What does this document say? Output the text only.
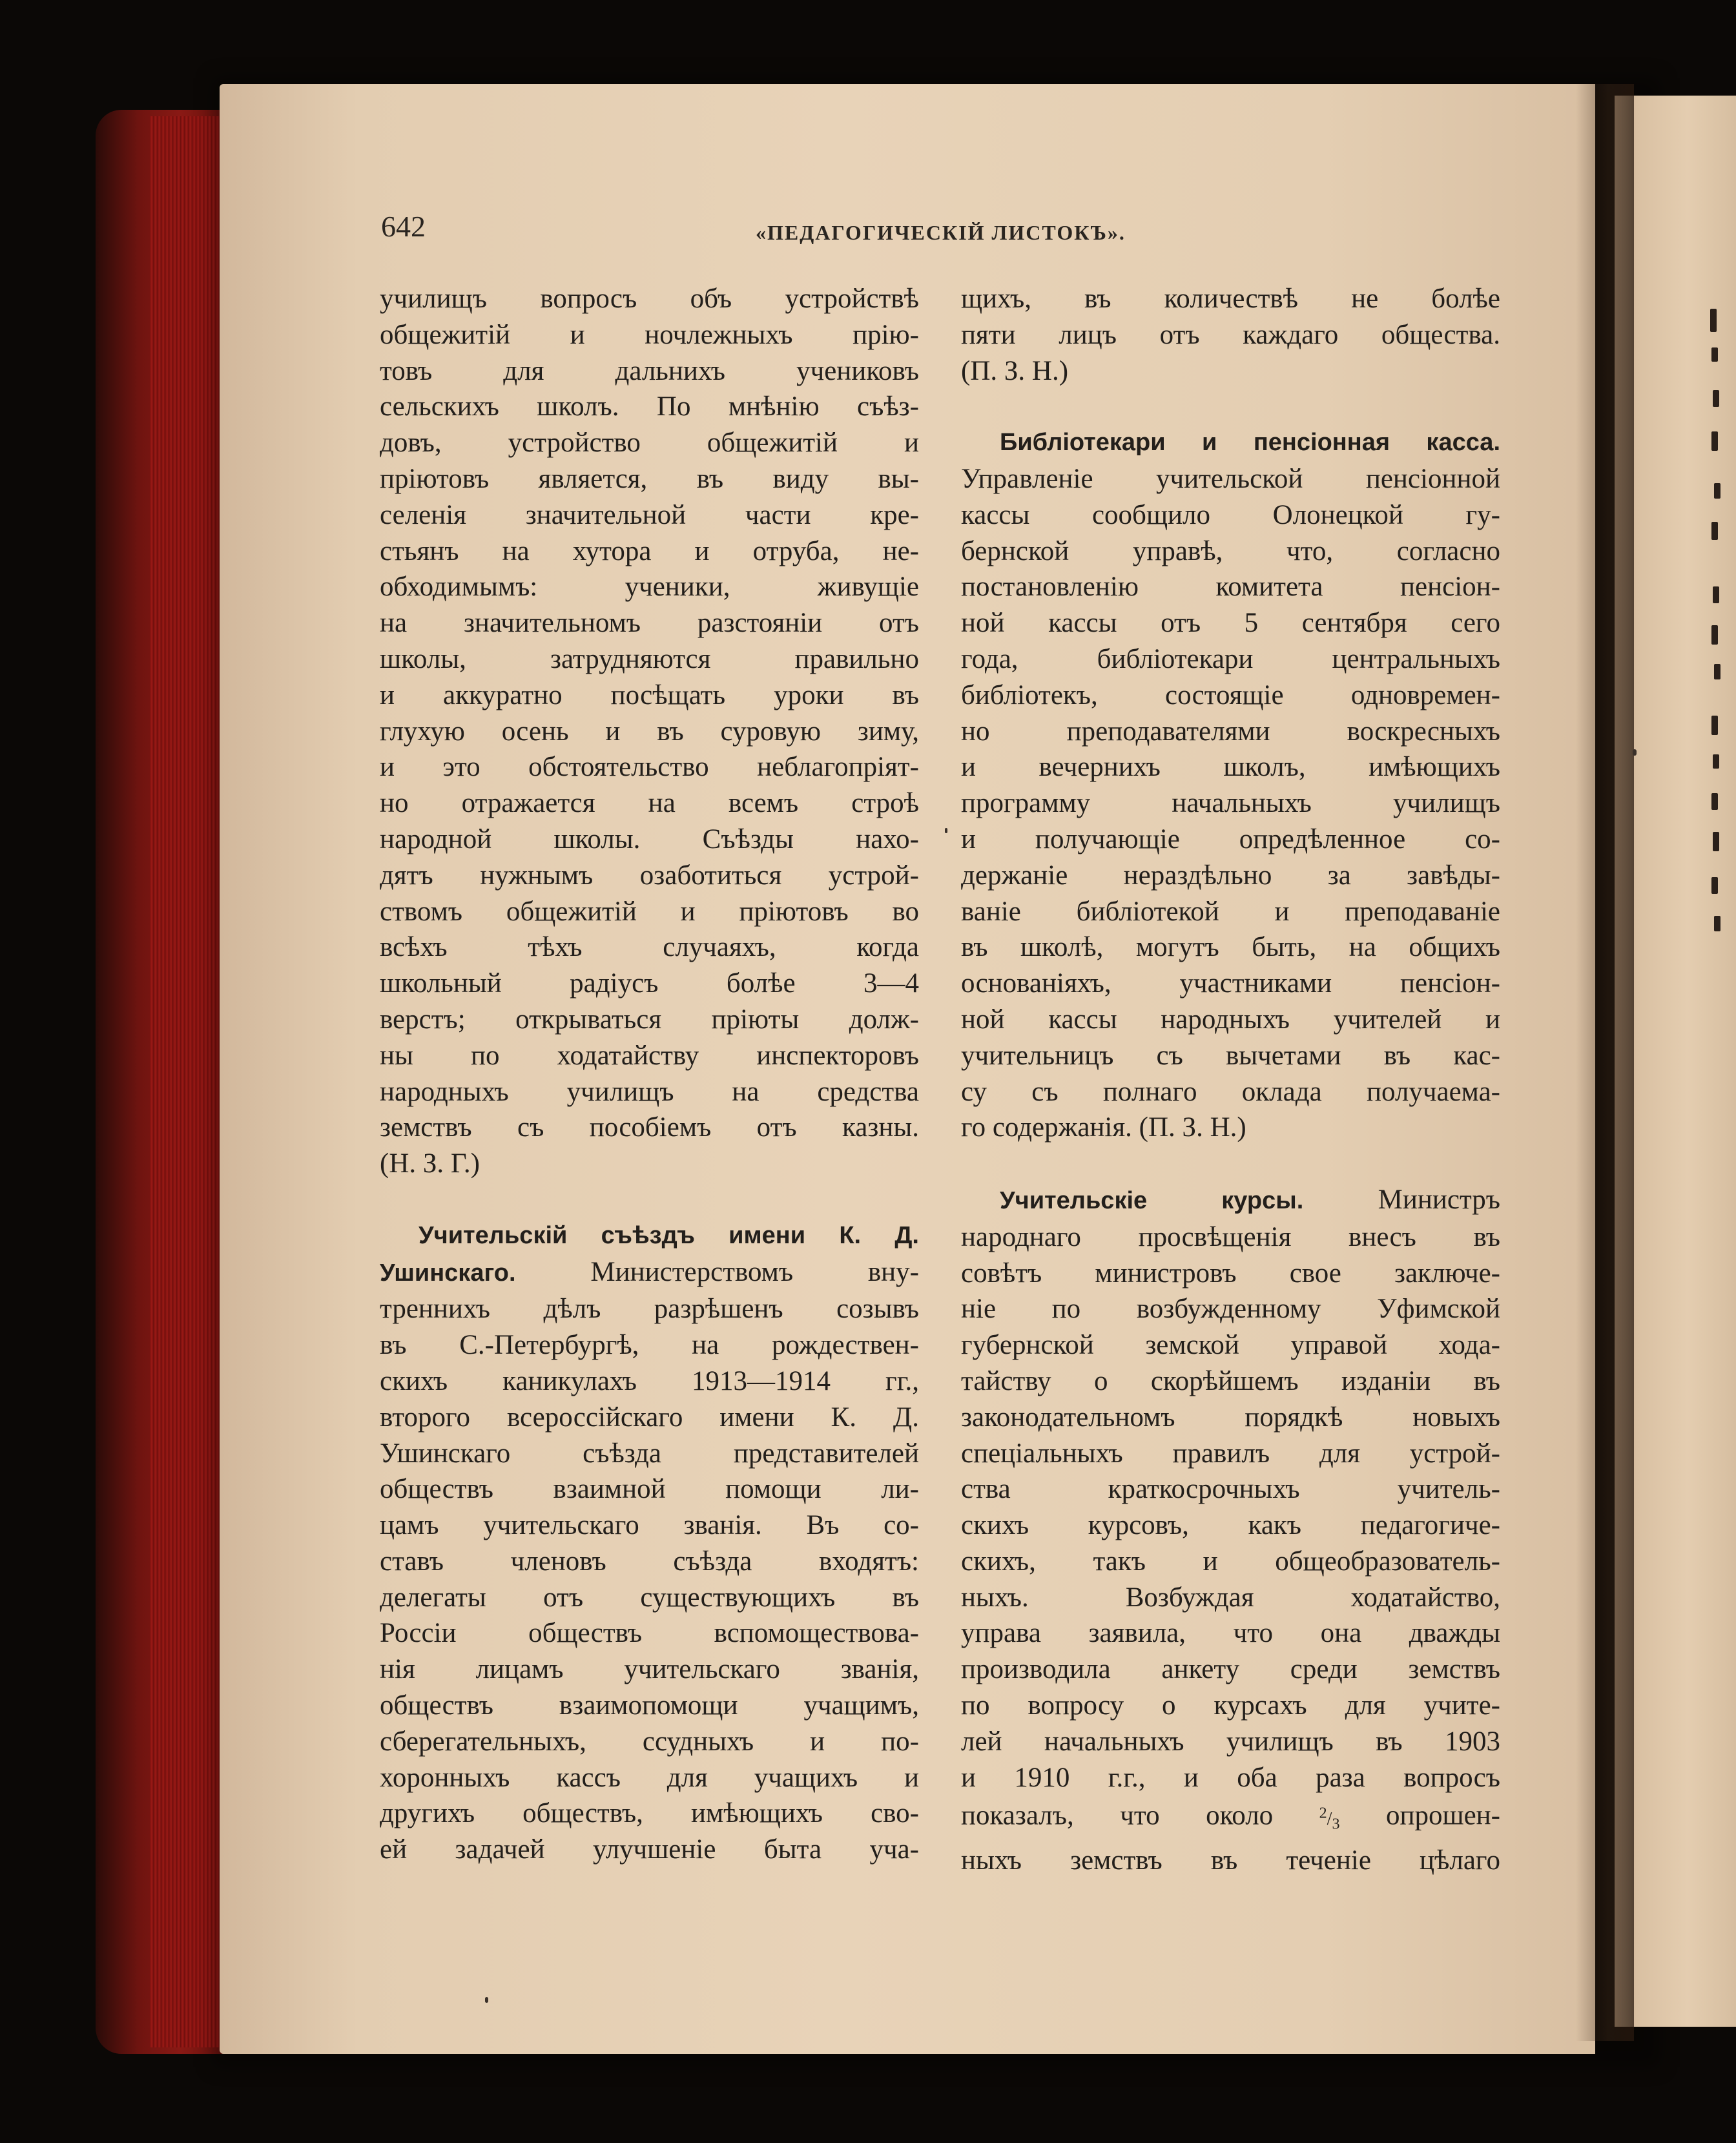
642	«ПЕДАГОГИЧЕСКІЙ ЛИСТОКЪ».
училищъ вопросъ объ устройствѣ
общежитій и ночлежныхъ прію-
товъ для дальнихъ учениковъ
сельскихъ школъ. По мнѣнію съѣз-
довъ, устройство общежитій и
пріютовъ является, въ виду вы-
селенія значительной части кре-
стьянъ на хутора и отруба, не-
обходимымъ: ученики, живущіе
на значительномъ разстояніи отъ
школы, затрудняются правильно
и аккуратно посѣщать уроки въ
глухую осень и въ суровую зиму,
и это обстоятельство неблагопріят-
но отражается на всемъ строѣ
народной школы. Съѣзды нахо-
дятъ нужнымъ озаботиться устрой-
ствомъ общежитій и пріютовъ во
всѣхъ тѣхъ случаяхъ, когда
школьный радіусъ болѣе 3—4
верстъ; открываться пріюты долж-
ны по ходатайству инспекторовъ
народныхъ училищъ на средства
земствъ съ пособіемъ отъ казны.
(Н. З. Г.)
Учительскій съѣздъ имени К. Д.
Ушинскаго. Министерствомъ вну-
треннихъ дѣлъ разрѣшенъ созывъ
въ С.-Петербургѣ, на рождествен-
скихъ каникулахъ 1913—1914 гг.,
второго всероссійскаго имени К. Д.
Ушинскаго съѣзда представителей
обществъ взаимной помощи ли-
цамъ учительскаго званія. Въ со-
ставъ членовъ съѣзда входятъ:
делегаты отъ существующихъ въ
Россіи обществъ вспомоществова-
нія лицамъ учительскаго званія,
обществъ взаимопомощи учащимъ,
сберегательныхъ, ссудныхъ и по-
хоронныхъ кассъ для учащихъ и
другихъ обществъ, имѣющихъ сво-
ей задачей улучшеніе быта уча-
щихъ, въ количествѣ не болѣе
пяти лицъ отъ каждаго общества.
(П. З. Н.)
Библіотекари и пенсіонная касса.
Управленіе учительской пенсіонной
кассы сообщило Олонецкой гу-
бернской управѣ, что, согласно
постановленію комитета пенсіон-
ной кассы отъ 5 сентября сего
года, библіотекари центральныхъ
библіотекъ, состоящіе одновремен-
но преподавателями воскресныхъ
и вечернихъ школъ, имѣющихъ
программу начальныхъ училищъ
и получающіе опредѣленное со-
держаніе нераздѣльно за завѣды-
ваніе библіотекой и преподаваніе
въ школѣ, могутъ быть, на общихъ
основаніяхъ, участниками пенсіон-
ной кассы народныхъ учителей и
учительницъ съ вычетами въ кас-
су съ полнаго оклада получаема-
го содержанія. (П. З. Н.)
Учительскіе курсы. Министръ
народнаго просвѣщенія внесъ въ
совѣтъ министровъ свое заключе-
ніе по возбужденному Уфимской
губернской земской управой хода-
тайству о скорѣйшемъ изданіи въ
законодательномъ порядкѣ новыхъ
спеціальныхъ правилъ для устрой-
ства краткосрочныхъ учитель-
скихъ курсовъ, какъ педагогиче-
скихъ, такъ и общеобразователь-
ныхъ. Возбуждая ходатайство,
управа заявила, что она дважды
производила анкету среди земствъ
по вопросу о курсахъ для учите-
лей начальныхъ училищъ въ 1903
и 1910 г.г., и оба раза вопросъ
показалъ, что около $^2/_3$ опрошен-
ныхъ земствъ въ теченіе цѣлаго
